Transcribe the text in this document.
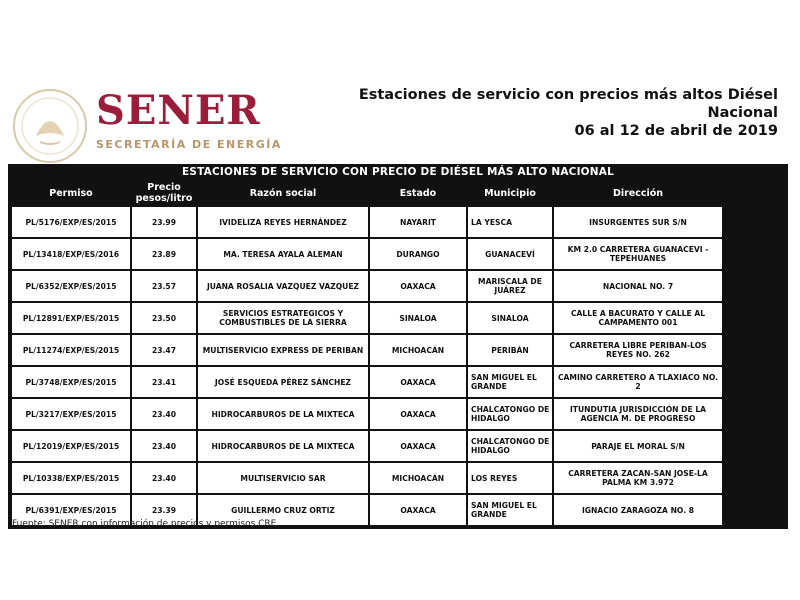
SENER
SECRETARÍA DE ENERGÍA
Estaciones de servicio con precios más altos Diésel
Nacional
06 al 12 de abril de 2019
ESTACIONES DE SERVICIO CON PRECIO DE DIÉSEL MÁS ALTO NACIONAL
Permiso	Precio pesos/litro	Razón social	Estado	Municipio	Dirección	
PL/5176/EXP/ES/2015	23.99	IVIDELIZA REYES HERNÁNDEZ	NAYARIT	LA YESCA	INSURGENTES SUR S/N	
PL/13418/EXP/ES/2016	23.89	MA. TERESA AYALA ALEMAN	DURANGO	GUANACEVÍ	KM 2.0 CARRETERA GUANACEVI - TEPEHUANES	
PL/6352/EXP/ES/2015	23.57	JUANA ROSALIA VAZQUEZ VAZQUEZ	OAXACA	MARISCALA DE JUÁREZ	NACIONAL NO. 7	
PL/12891/EXP/ES/2015	23.50	SERVICIOS ESTRATEGICOS Y COMBUSTIBLES DE LA SIERRA	SINALOA	SINALOA	CALLE A BACURATO Y CALLE AL CAMPAMENTO 001	
PL/11274/EXP/ES/2015	23.47	MULTISERVICIO EXPRESS DE PERIBAN	MICHOACÁN	PERIBÁN	CARRETERA LIBRE PERIBAN-LOS REYES NO. 262	
PL/3748/EXP/ES/2015	23.41	JOSÉ ESQUEDA PÉREZ SÁNCHEZ	OAXACA	SAN MIGUEL EL GRANDE	CAMINO CARRETERO A TLAXIACO NO. 2	
PL/3217/EXP/ES/2015	23.40	HIDROCARBUROS DE LA MIXTECA	OAXACA	CHALCATONGO DE HIDALGO	ITUNDUTIA JURISDICCIÓN DE LA AGENCIA M. DE PROGRESO	
PL/12019/EXP/ES/2015	23.40	HIDROCARBUROS DE LA MIXTECA	OAXACA	CHALCATONGO DE HIDALGO	PARAJE EL MORAL S/N	
PL/10338/EXP/ES/2015	23.40	MULTISERVICIO SAR	MICHOACÁN	LOS REYES	CARRETERA ZACAN-SAN JOSE-LA PALMA KM 3.972	
PL/6391/EXP/ES/2015	23.39	GUILLERMO CRUZ ORTIZ	OAXACA	SAN MIGUEL EL GRANDE	IGNACIO ZARAGOZA NO. 8	
Fuente: SENER con información de precios y permisos CRE.
